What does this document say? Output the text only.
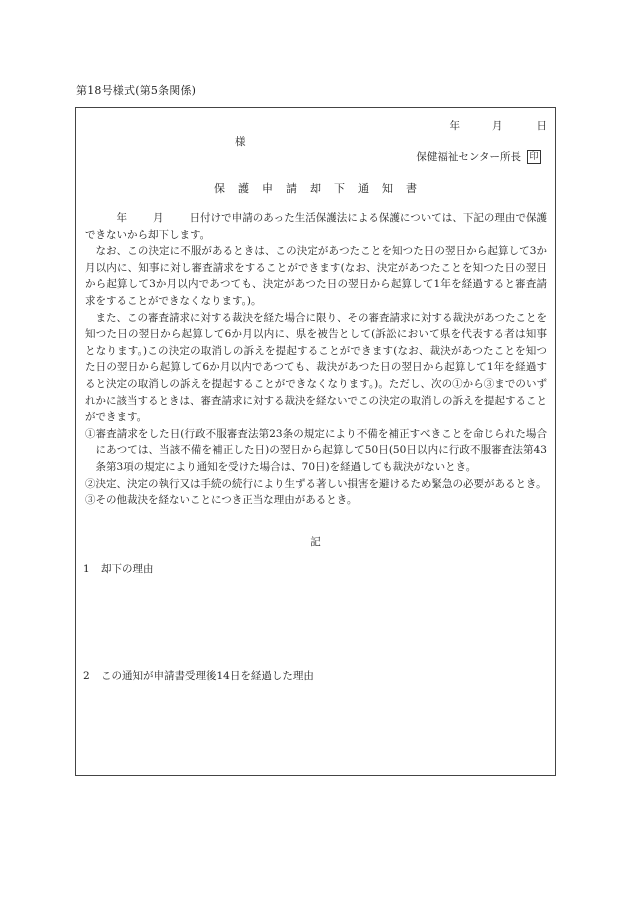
第18号様式(第5条関係)
年	月	日
様
保健福祉センター所長 印
保護申請却下通知書

年 月 日付けで申請のあった生活保護法による保護については、下記の理由で保護できないから却下します。

なお、この決定に不服があるときは、この決定があつたことを知つた日の翌日から起算して3か月以内に、知事に対し審査請求をすることができます(なお、決定があつたことを知つた日の翌日から起算して3か月以内であつても、決定があつた日の翌日から起算して1年を経過すると審査請求をすることができなくなります。)。

また、この審査請求に対する裁決を経た場合に限り、その審査請求に対する裁決があつたことを知つた日の翌日から起算して6か月以内に、県を被告として(訴訟において県を代表する者は知事となります。)この決定の取消しの訴えを提起することができます(なお、裁決があつたことを知つた日の翌日から起算して6か月以内であつても、裁決があつた日の翌日から起算して1年を経過すると決定の取消しの訴えを提起することができなくなります。)。ただし、次の①から③までのいずれかに該当するときは、審査請求に対する裁決を経ないでこの決定の取消しの訴えを提起することができます。

①審査請求をした日(行政不服審査法第23条の規定により不備を補正すべきことを命じられた場合にあつては、当該不備を補正した日)の翌日から起算して50日(50日以内に行政不服審査法第43条第3項の規定により通知を受けた場合は、70日)を経過しても裁決がないとき。

②決定、決定の執行又は手続の続行により生ずる著しい損害を避けるため緊急の必要があるとき。

③その他裁決を経ないことにつき正当な理由があるとき。

記
1 却下の理由
2 この通知が申請書受理後14日を経過した理由
